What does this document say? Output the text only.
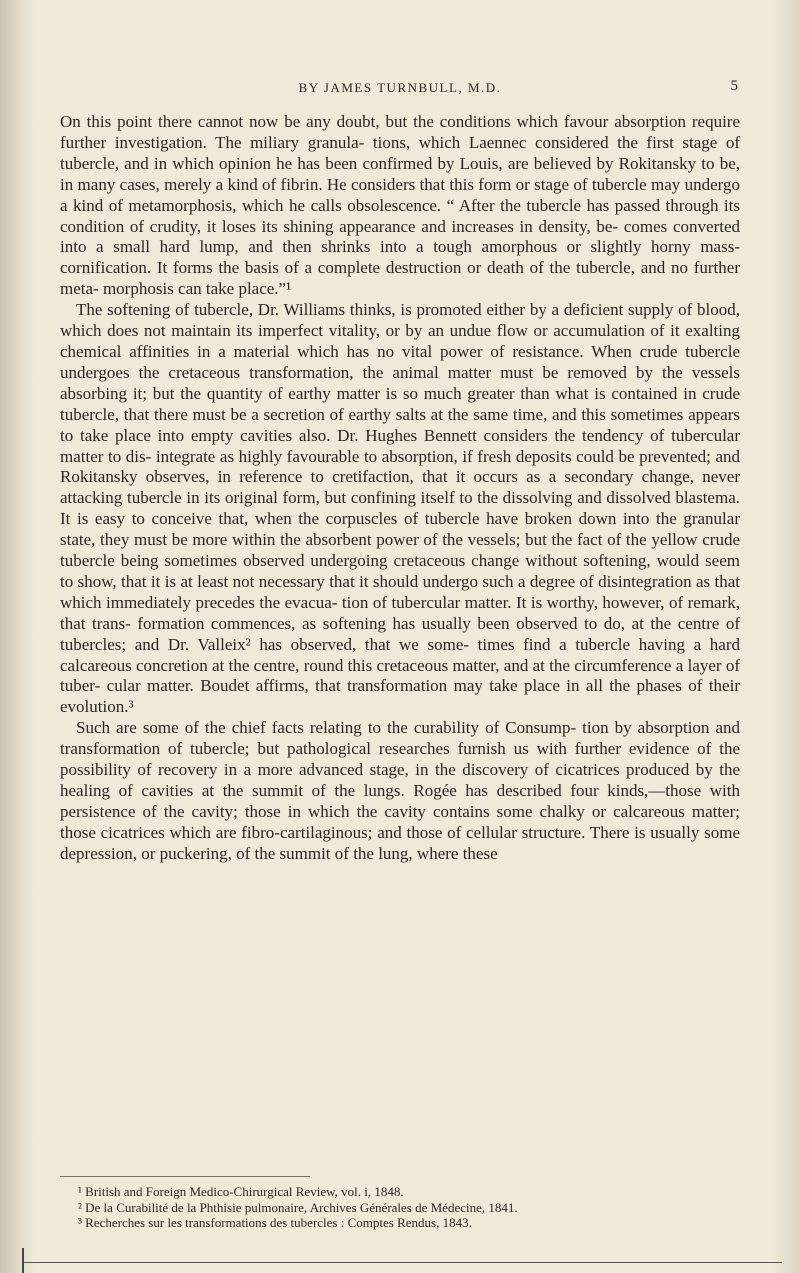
BY JAMES TURNBULL, M.D.	5

On this point there cannot now be any doubt, but the conditions which favour absorption require further investigation. The miliary granula- tions, which Laennec considered the first stage of tubercle, and in which opinion he has been confirmed by Louis, are believed by Rokitansky to be, in many cases, merely a kind of fibrin. He considers that this form or stage of tubercle may undergo a kind of metamorphosis, which he calls obsolescence. “ After the tubercle has passed through its condition of crudity, it loses its shining appearance and increases in density, be- comes converted into a small hard lump, and then shrinks into a tough amorphous or slightly horny mass-cornification. It forms the basis of a complete destruction or death of the tubercle, and no further meta- morphosis can take place.”¹

The softening of tubercle, Dr. Williams thinks, is promoted either by a deficient supply of blood, which does not maintain its imperfect vitality, or by an undue flow or accumulation of it exalting chemical affinities in a material which has no vital power of resistance. When crude tubercle undergoes the cretaceous transformation, the animal matter must be removed by the vessels absorbing it; but the quantity of earthy matter is so much greater than what is contained in crude tubercle, that there must be a secretion of earthy salts at the same time, and this sometimes appears to take place into empty cavities also. Dr. Hughes Bennett considers the tendency of tubercular matter to dis- integrate as highly favourable to absorption, if fresh deposits could be prevented; and Rokitansky observes, in reference to cretifaction, that it occurs as a secondary change, never attacking tubercle in its original form, but confining itself to the dissolving and dissolved blastema. It is easy to conceive that, when the corpuscles of tubercle have broken down into the granular state, they must be more within the absorbent power of the vessels; but the fact of the yellow crude tubercle being sometimes observed undergoing cretaceous change without softening, would seem to show, that it is at least not necessary that it should undergo such a degree of disintegration as that which immediately precedes the evacua- tion of tubercular matter. It is worthy, however, of remark, that trans- formation commences, as softening has usually been observed to do, at the centre of tubercles; and Dr. Valleix² has observed, that we some- times find a tubercle having a hard calcareous concretion at the centre, round this cretaceous matter, and at the circumference a layer of tuber- cular matter. Boudet affirms, that transformation may take place in all the phases of their evolution.³

Such are some of the chief facts relating to the curability of Consump- tion by absorption and transformation of tubercle; but pathological researches furnish us with further evidence of the possibility of recovery in a more advanced stage, in the discovery of cicatrices produced by the healing of cavities at the summit of the lungs. Rogée has described four kinds,—those with persistence of the cavity; those in which the cavity contains some chalky or calcareous matter; those cicatrices which are fibro-cartilaginous; and those of cellular structure. There is usually some depression, or puckering, of the summit of the lung, where these

¹ British and Foreign Medico-Chirurgical Review, vol. i, 1848.
² De la Curabilité de la Phthisie pulmonaire, Archives Générales de Médecine, 1841.
³ Recherches sur les transformations des tubercles : Comptes Rendus, 1843.
